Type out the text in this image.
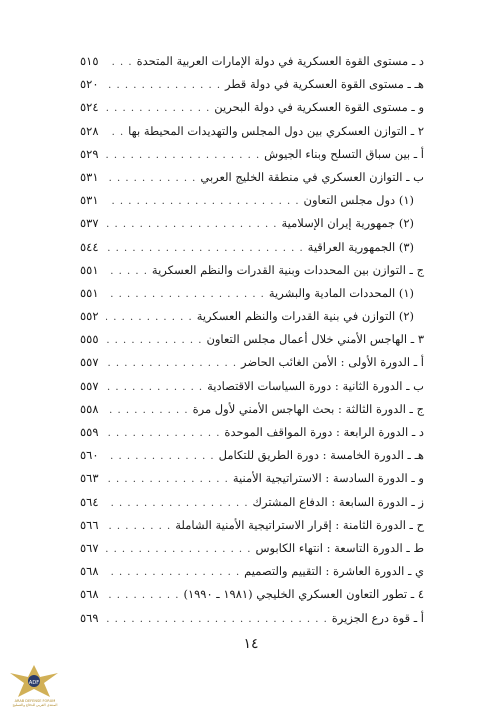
د ـ مستوى القوة العسكرية في دولة الإمارات العربية المتحدة
. . .
٥١٥
هـ ـ مستوى القوة العسكرية في دولة قطر
. . .
٥٢٠
و ـ مستوى القوة العسكرية في دولة البحرين
. . .
٥٢٤
٢ ـ التوازن العسكري بين دول المجلس والتهديدات المحيطة بها
. . .
٥٢٨
أ ـ بين سباق التسلح وبناء الجيوش
. . .
٥٢٩
ب ـ التوازن العسكري في منطقة الخليج العربي
. . .
٥٣١
(١) دول مجلس التعاون
. . .
٥٣١
(٢) جمهورية إيران الإسلامية
. . .
٥٣٧
(٣) الجمهورية العراقية
. . .
٥٤٤
ج ـ التوازن بين المحددات وبنية القدرات والنظم العسكرية
. . .
٥٥١
(١) المحددات المادية والبشرية
. . .
٥٥١
(٢) التوازن في بنية القدرات والنظم العسكرية
. . .
٥٥٢
٣ ـ الهاجس الأمني خلال أعمال مجلس التعاون
. . .
٥٥٥
أ ـ الدورة الأولى : الأمن الغائب الحاضر
. . .
٥٥٧
ب ـ الدورة الثانية : دورة السياسات الاقتصادية
. . .
٥٥٧
ج ـ الدورة الثالثة : بحث الهاجس الأمني لأول مرة
. . .
٥٥٨
د ـ الدورة الرابعة : دورة المواقف الموحدة
. . .
٥٥٩
هـ ـ الدورة الخامسة : دورة الطريق للتكامل
. . .
٥٦٠
و ـ الدورة السادسة : الاستراتيجية الأمنية
. . .
٥٦٣
ز ـ الدورة السابعة : الدفاع المشترك
. . .
٥٦٤
ح ـ الدورة الثامنة : إقرار الاستراتيجية الأمنية الشاملة
. . .
٥٦٦
ط ـ الدورة التاسعة : انتهاء الكابوس
. . .
٥٦٧
ي ـ الدورة العاشرة : التقييم والتصميم
. . .
٥٦٨
٤ ـ تطور التعاون العسكري الخليجي (١٩٨١ ـ ١٩٩٠)
. . .
٥٦٨
أ ـ قوة درع الجزيرة
. . .
٥٦٩
١٤
ADF
ARAB DEFENSE FORUM
المنتدى العربي للدفاع والتسليح
